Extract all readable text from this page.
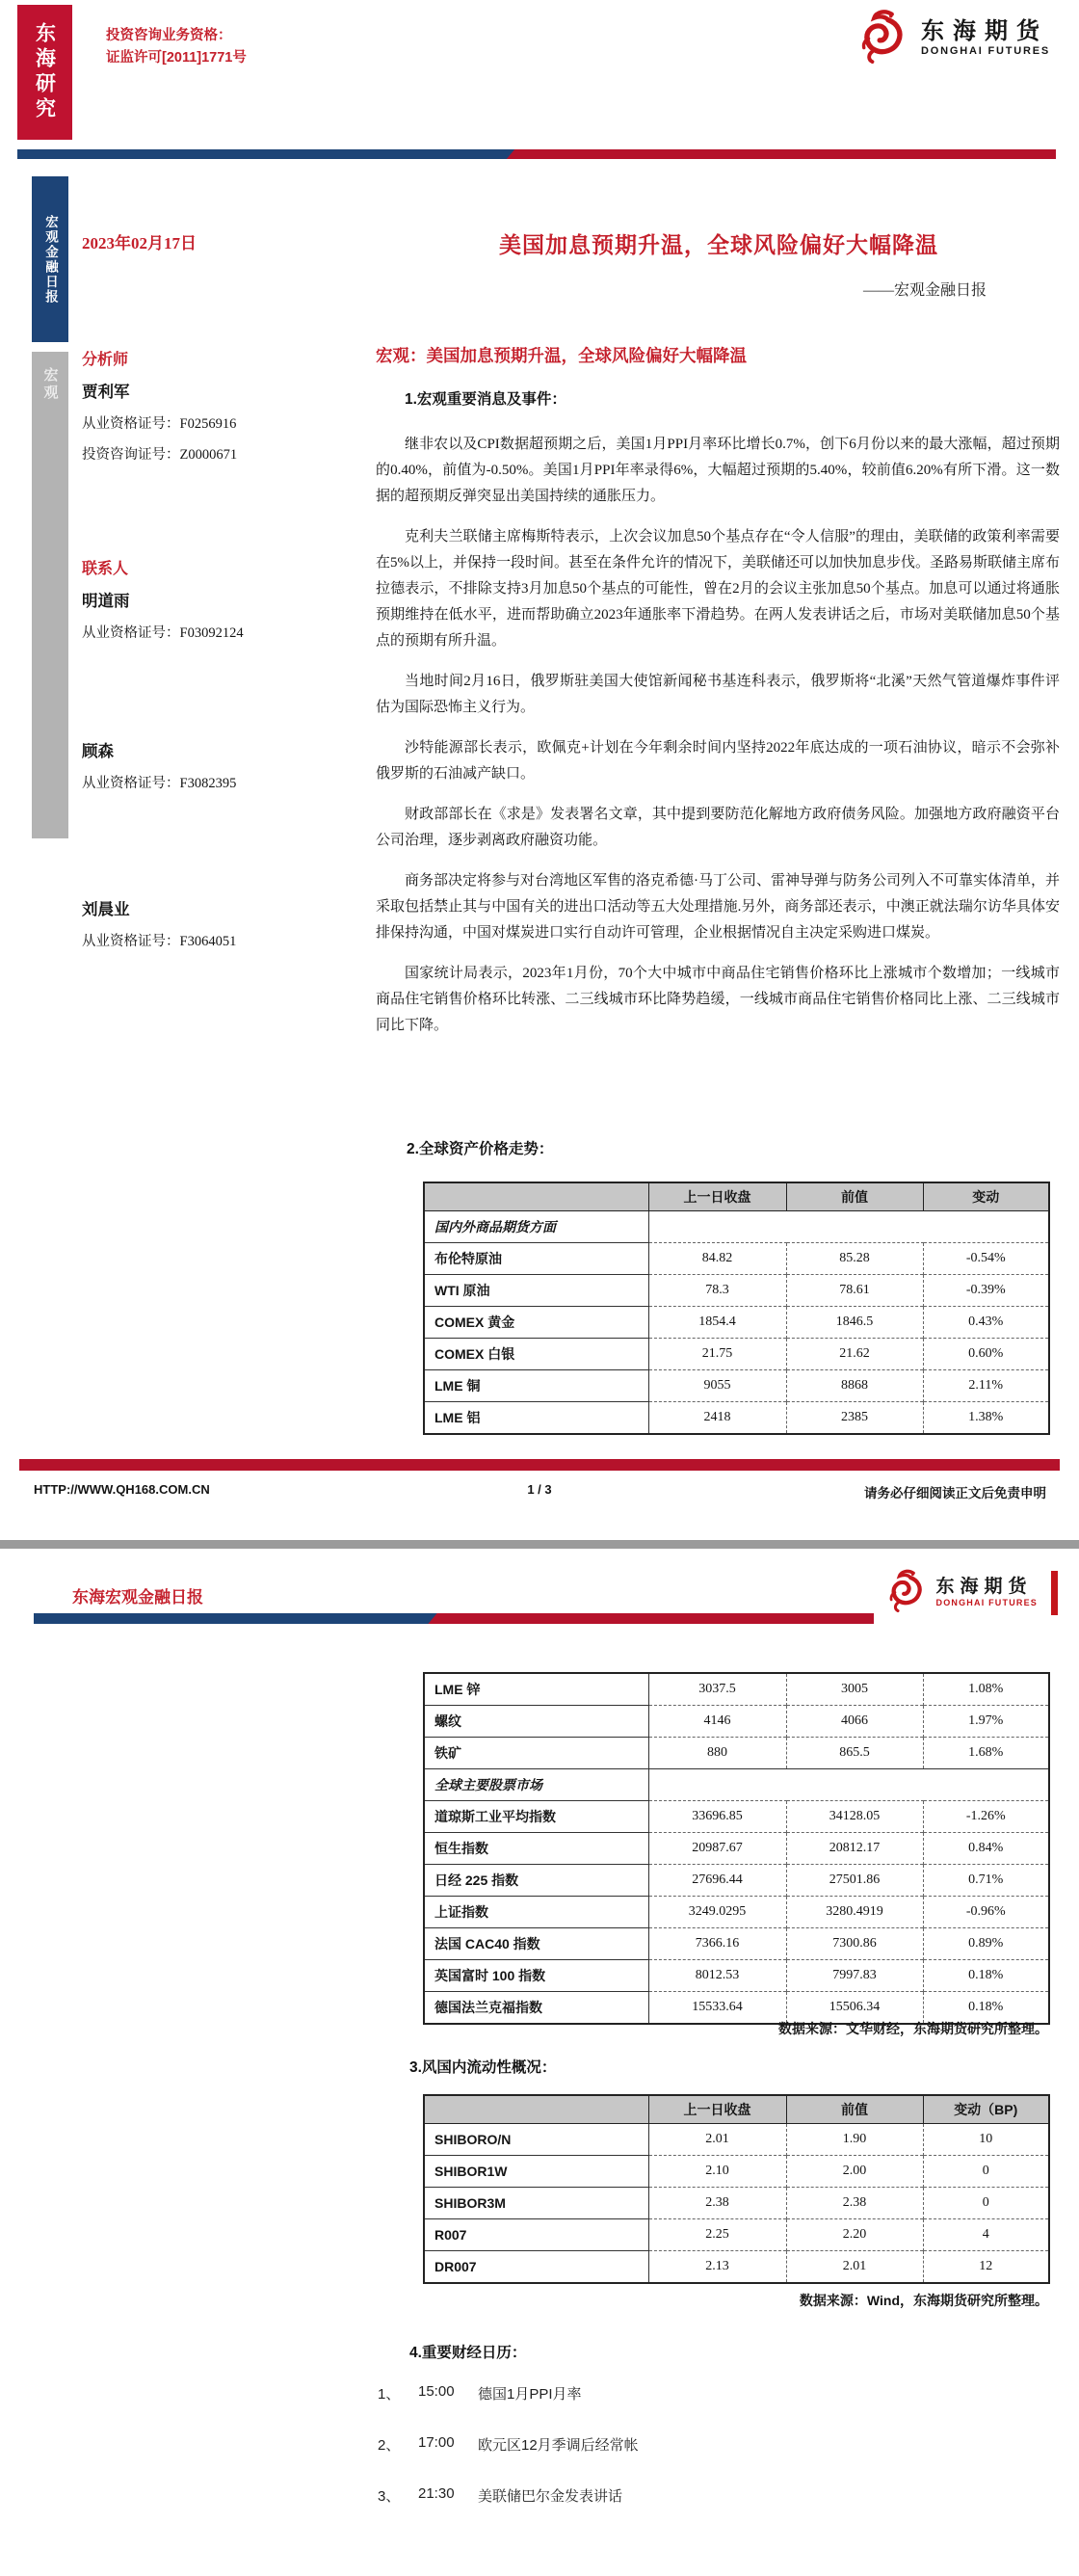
东海研究	投资咨询业务资格：
证监许可[2011]1771号
东海期货
DONGHAI FUTURES
宏观金融日报
宏观
2023年02月17日
分析师
贾利军
从业资格证号：F0256916
投资咨询证号：Z0000671
联系人
明道雨
从业资格证号：F03092124
顾森
从业资格证号：F3082395
刘晨业
从业资格证号：F3064051
美国加息预期升温，全球风险偏好大幅降温
——宏观金融日报
宏观：美国加息预期升温，全球风险偏好大幅降温
1.宏观重要消息及事件：

继非农以及CPI数据超预期之后，美国1月PPI月率环比增长0.7%，创下6月份以来的最大涨幅，超过预期的0.40%，前值为-0.50%。美国1月PPI年率录得6%，大幅超过预期的5.40%，较前值6.20%有所下滑。这一数据的超预期反弹突显出美国持续的通胀压力。

克利夫兰联储主席梅斯特表示，上次会议加息50个基点存在“令人信服”的理由，美联储的政策利率需要在5%以上，并保持一段时间。甚至在条件允许的情况下，美联储还可以加快加息步伐。圣路易斯联储主席布拉德表示，不排除支持3月加息50个基点的可能性，曾在2月的会议主张加息50个基点。加息可以通过将通胀预期维持在低水平，进而帮助确立2023年通胀率下滑趋势。在两人发表讲话之后，市场对美联储加息50个基点的预期有所升温。

当地时间2月16日，俄罗斯驻美国大使馆新闻秘书基连科表示，俄罗斯将“北溪”天然气管道爆炸事件评估为国际恐怖主义行为。

沙特能源部长表示，欧佩克+计划在今年剩余时间内坚持2022年底达成的一项石油协议，暗示不会弥补俄罗斯的石油减产缺口。

财政部部长在《求是》发表署名文章，其中提到要防范化解地方政府债务风险。加强地方政府融资平台公司治理，逐步剥离政府融资功能。

商务部决定将参与对台湾地区军售的洛克希德·马丁公司、雷神导弹与防务公司列入不可靠实体清单，并采取包括禁止其与中国有关的进出口活动等五大处理措施.另外，商务部还表示，中澳正就法瑞尔访华具体安排保持沟通，中国对煤炭进口实行自动许可管理，企业根据情况自主决定采购进口煤炭。

国家统计局表示，2023年1月份，70个大中城市中商品住宅销售价格环比上涨城市个数增加；一线城市商品住宅销售价格环比转涨、二三线城市环比降势趋缓，一线城市商品住宅销售价格同比上涨、二三线城市同比下降。

2.全球资产价格走势：
	上一日收盘	前值	变动
国内外商品期货方面			
布伦特原油	84.82	85.28	-0.54%
WTI 原油	78.3	78.61	-0.39%
COMEX 黄金	1854.4	1846.5	0.43%
COMEX 白银	21.75	21.62	0.60%
LME 铜	9055	8868	2.11%
LME 铝	2418	2385	1.38%
HTTP://WWW.QH168.COM.CN	1 / 3	请务必仔细阅读正文后免责申明
东海宏观金融日报
东海期货
DONGHAI FUTURES
LME 锌	3037.5	3005	1.08%
螺纹	4146	4066	1.97%
铁矿	880	865.5	1.68%
全球主要股票市场			
道琼斯工业平均指数	33696.85	34128.05	-1.26%
恒生指数	20987.67	20812.17	0.84%
日经 225 指数	27696.44	27501.86	0.71%
上证指数	3249.0295	3280.4919	-0.96%
法国 CAC40 指数	7366.16	7300.86	0.89%
英国富时 100 指数	8012.53	7997.83	0.18%
德国法兰克福指数	15533.64	15506.34	0.18%
数据来源：文华财经，东海期货研究所整理。
3.风国内流动性概况：
	上一日收盘	前值	变动（BP)
SHIBORO/N	2.01	1.90	10
SHIBOR1W	2.10	2.00	0
SHIBOR3M	2.38	2.38	0
R007	2.25	2.20	4
DR007	2.13	2.01	12
数据来源：Wind，东海期货研究所整理。
4.重要财经日历：
1、	15:00	德国1月PPI月率
2、	17:00	欧元区12月季调后经常帐
3、	21:30	美联储巴尔金发表讲话
